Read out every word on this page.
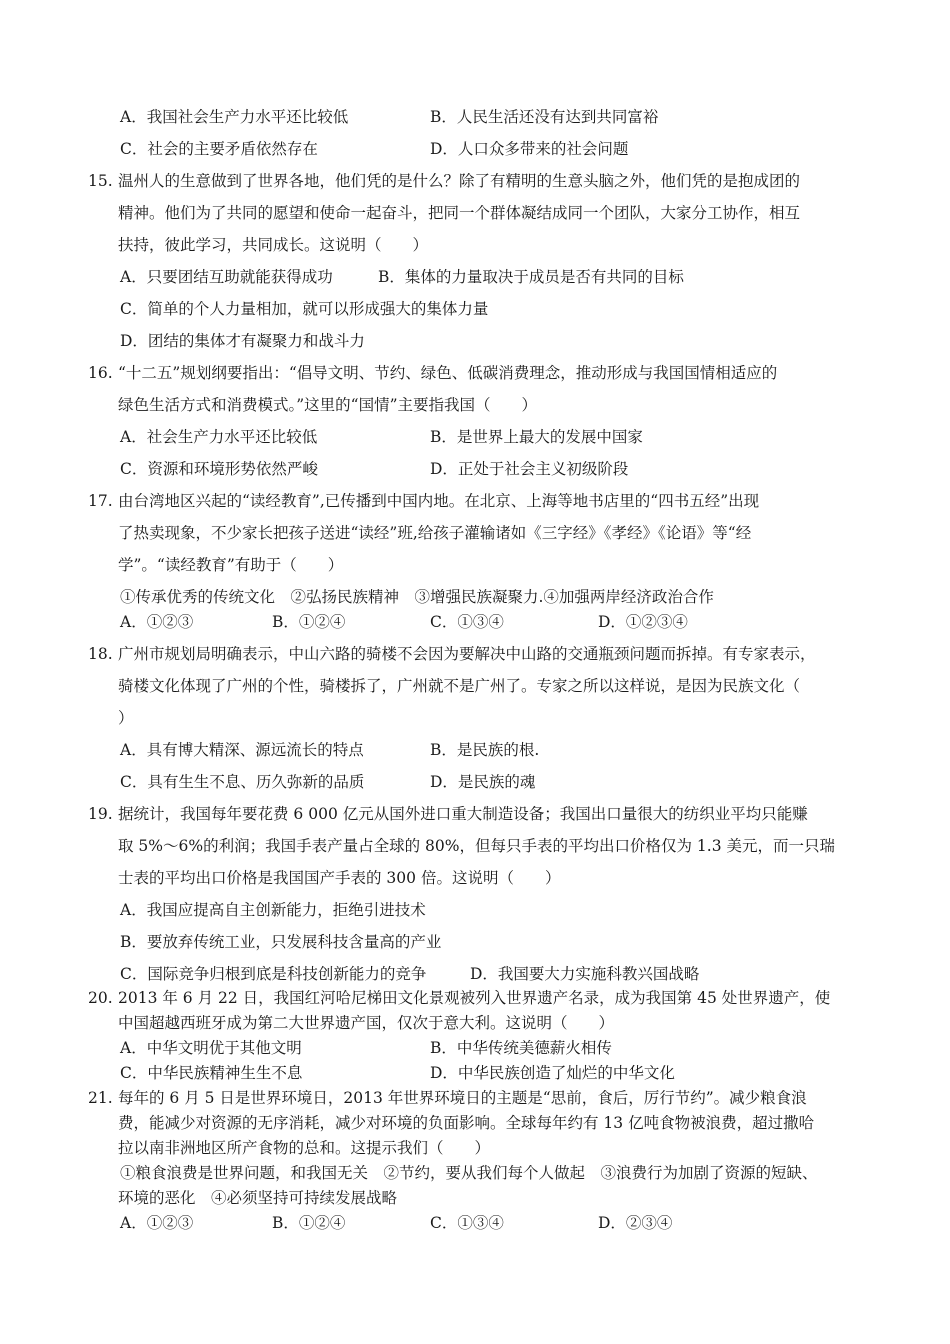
A．我国社会生产力水平还比较低	B．人民生活还没有达到共同富裕
C．社会的主要矛盾依然存在	D．人口众多带来的社会问题
15. 温州人的生意做到了世界各地，他们凭的是什么？除了有精明的生意头脑之外，他们凭的是抱成团的
精神。他们为了共同的愿望和使命一起奋斗，把同一个群体凝结成同一个团队，大家分工协作，相互
扶持，彼此学习，共同成长。这说明（　　）
A．只要团结互助就能获得成功	B．集体的力量取决于成员是否有共同的目标
C．简单的个人力量相加，就可以形成强大的集体力量
D．团结的集体才有凝聚力和战斗力
16. “十二五”规划纲要指出：“倡导文明、节约、绿色、低碳消费理念，推动形成与我国国情相适应的
绿色生活方式和消费模式。”这里的“国情”主要指我国（　　）
A．社会生产力水平还比较低	B．是世界上最大的发展中国家
C．资源和环境形势依然严峻	D．正处于社会主义初级阶段
17. 由台湾地区兴起的“读经教育”,已传播到中国内地。在北京、上海等地书店里的“四书五经”出现
了热卖现象，不少家长把孩子送进“读经”班,给孩子灌输诸如《三字经》《孝经》《论语》等“经
学”。“读经教育”有助于（　　）
①传承优秀的传统文化　②弘扬民族精神　③增强民族凝聚力.④加强两岸经济政治合作
A．①②③	B．①②④	C．①③④	D．①②③④
18. 广州市规划局明确表示，中山六路的骑楼不会因为要解决中山路的交通瓶颈问题而拆掉。有专家表示，
骑楼文化体现了广州的个性，骑楼拆了，广州就不是广州了。专家之所以这样说，是因为民族文化（
）
A．具有博大精深、源远流长的特点	B．是民族的根.
C．具有生生不息、历久弥新的品质	D．是民族的魂
19. 据统计，我国每年要花费 6 000 亿元从国外进口重大制造设备；我国出口量很大的纺织业平均只能赚
取 5%～6%的利润；我国手表产量占全球的 80%，但每只手表的平均出口价格仅为 1.3 美元，而一只瑞
士表的平均出口价格是我国国产手表的 300 倍。这说明（　　）
A．我国应提高自主创新能力，拒绝引进技术
B．要放弃传统工业，只发展科技含量高的产业
C．国际竞争归根到底是科技创新能力的竞争	D．我国要大力实施科教兴国战略
20. 2013 年 6 月 22 日，我国红河哈尼梯田文化景观被列入世界遗产名录，成为我国第 45 处世界遗产，使
中国超越西班牙成为第二大世界遗产国，仅次于意大利。这说明（　　）
A．中华文明优于其他文明	B．中华传统美德薪火相传
C．中华民族精神生生不息	D．中华民族创造了灿烂的中华文化
21. 每年的 6 月 5 日是世界环境日，2013 年世界环境日的主题是“思前，食后，厉行节约”。减少粮食浪
费，能减少对资源的无序消耗，减少对环境的负面影响。全球每年约有 13 亿吨食物被浪费，超过撒哈
拉以南非洲地区所产食物的总和。这提示我们（　　）
①粮食浪费是世界问题，和我国无关　②节约，要从我们每个人做起　③浪费行为加剧了资源的短缺、
环境的恶化　④必须坚持可持续发展战略
A．①②③	B．①②④	C．①③④	D．②③④
